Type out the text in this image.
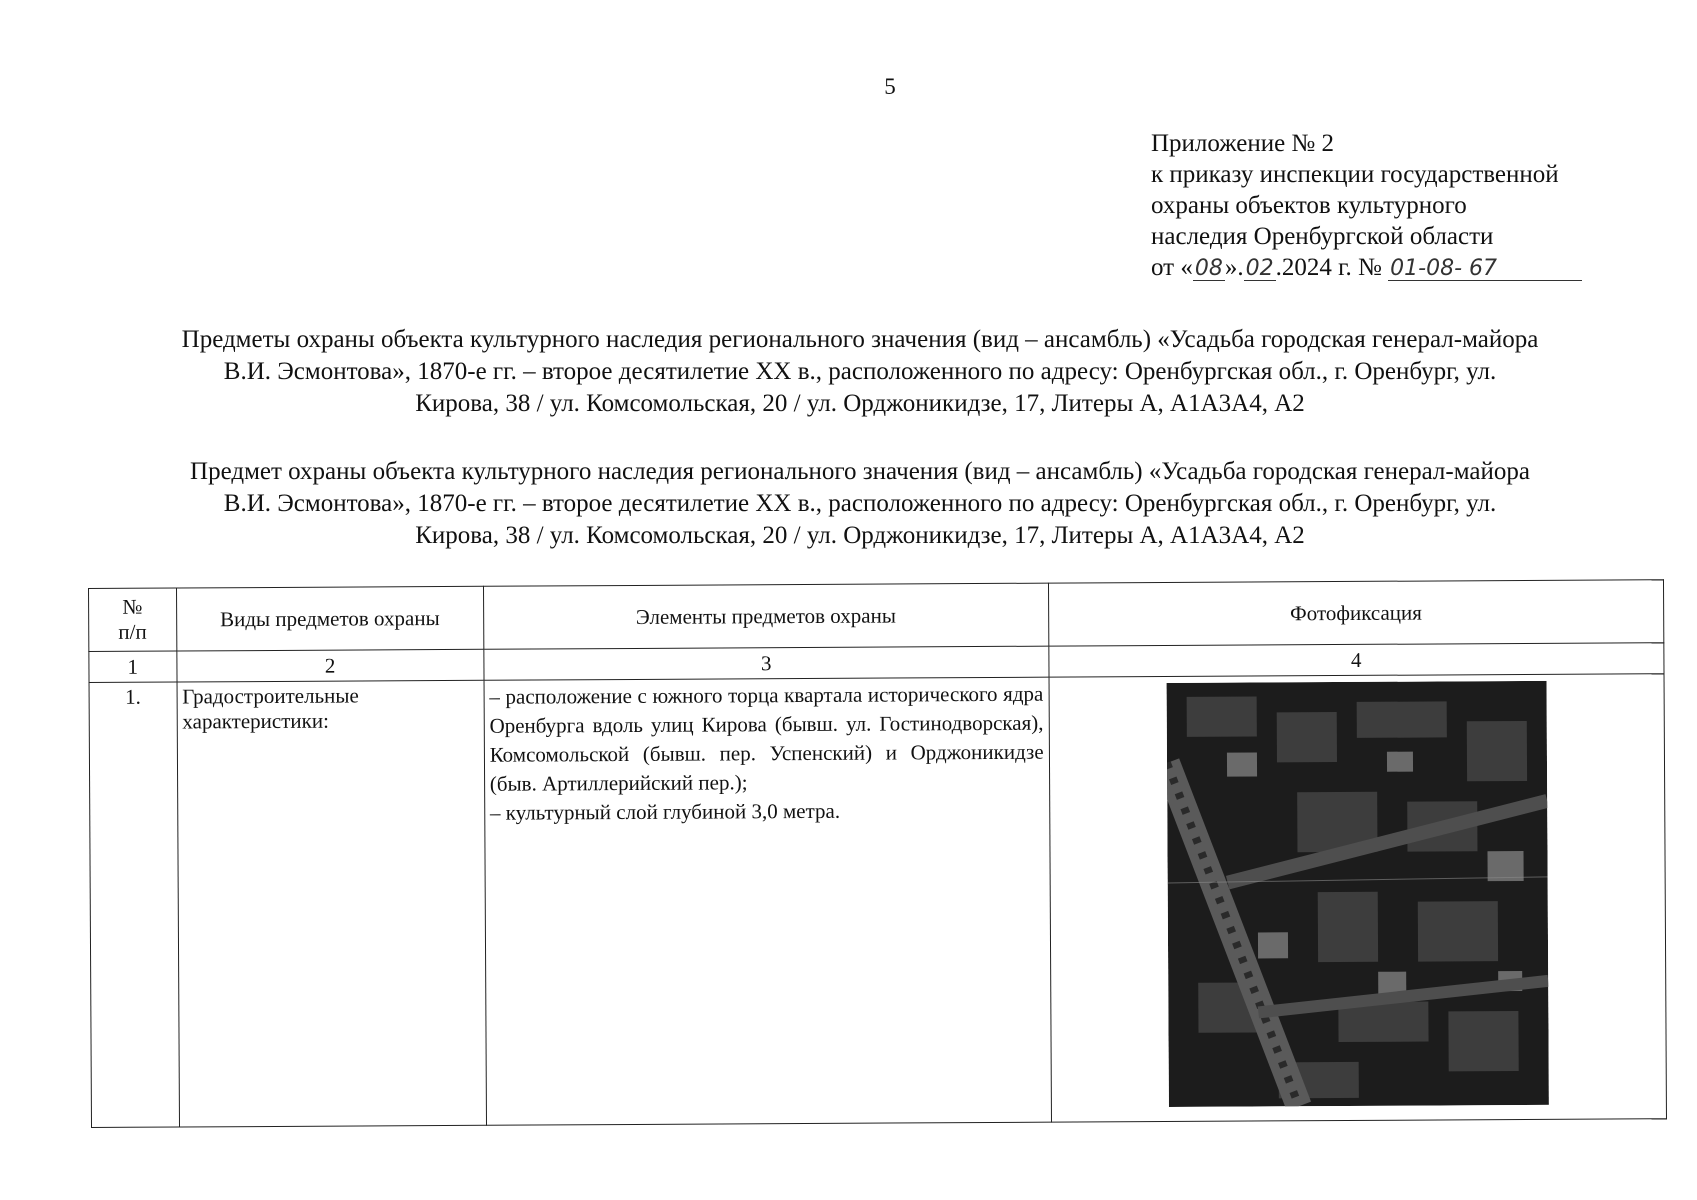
5
Приложение № 2
к приказу инспекции государственной
охраны объектов культурного
наследия Оренбургской области
от «08».02.2024 г. № 01-08- 67
Предметы охраны объекта культурного наследия регионального значения (вид – ансамбль) «Усадьба городская генерал-майора
В.И. Эсмонтова», 1870-е гг. – второе десятилетие XX в., расположенного по адресу: Оренбургская обл., г. Оренбург, ул.
Кирова, 38 / ул. Комсомольская, 20 / ул. Орджоникидзе, 17, Литеры А, А1А3А4, А2
Предмет охраны объекта культурного наследия регионального значения (вид – ансамбль) «Усадьба городская генерал-майора
В.И. Эсмонтова», 1870-е гг. – второе десятилетие XX в., расположенного по адресу: Оренбургская обл., г. Оренбург, ул.
Кирова, 38 / ул. Комсомольская, 20 / ул. Орджоникидзе, 17, Литеры А, А1А3А4, А2
№
п/п	Виды предметов охраны	Элементы предметов охраны	Фотофиксация
1	2	3	4
1.	Градостроительные характеристики:	– расположение с южного торца квартала исторического ядра Оренбурга вдоль улиц Кирова (бывш. ул. Гостинодворская), Комсомольской (бывш. пер. Успенский) и Орджоникидзе (быв. Артиллерийский пер.);

– культурный слой глубиной 3,0 метра.
